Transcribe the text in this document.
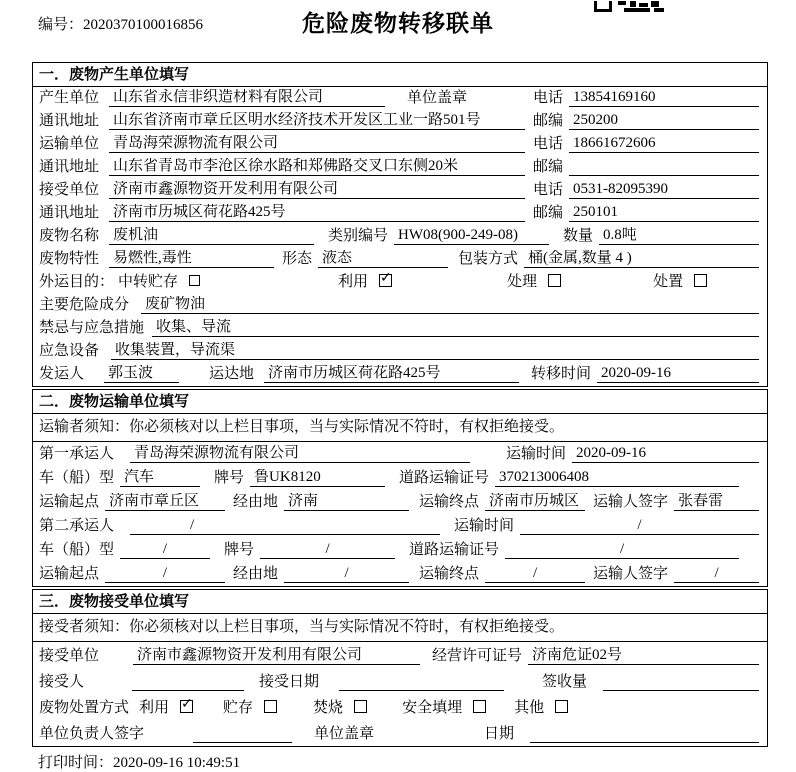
编号：2020370100016856	危险废物转移联单
一．废物产生单位填写
产生单位 山东省永信非织造材料有限公司	单位盖章	电话 13854169160
通讯地址 山东省济南市章丘区明水经济技术开发区工业一路501号	邮编 250200
运输单位 青岛海荣源物流有限公司	电话 18661672606
通讯地址 山东省青岛市李沧区徐水路和郑佛路交叉口东侧20米	邮编
接受单位 济南市鑫源物资开发利用有限公司	电话 0531-82095390
通讯地址 济南市历城区荷花路425号	邮编 250101
废物名称 废机油	类别编号 HW08(900-249-08)	数量 0.8吨
废物特性 易燃性,毒性	形态 液态	包装方式 桶(金属,数量 4 )
外运目的： 中转贮存	利用 ✓	处理	处置
主要危险成分 废矿物油
禁忌与应急措施 收集、导流
应急设备 收集装置，导流渠
发运人 郭玉波	运达地 济南市历城区荷花路425号	转移时间 2020-09-16
二．废物运输单位填写
运输者须知：你必须核对以上栏目事项，当与实际情况不符时，有权拒绝接受。
第一承运人 青岛海荣源物流有限公司	运输时间 2020-09-16
车（船）型 汽车	牌号 鲁UK8120	道路运输证号 370213006408
运输起点 济南市章丘区	经由地 济南	运输终点 济南市历城区 运输人签字 张春雷
第二承运人	/	运输时间	/
车（船）型	/	牌号	/	道路运输证号	/
运输起点	/	经由地	/	运输终点	/	运输人签字	/
三．废物接受单位填写
接受者须知：你必须核对以上栏目事项，当与实际情况不符时，有权拒绝接受。
接受单位	济南市鑫源物资开发利用有限公司	经营许可证号 济南危证02号
接受人	接受日期	签收量
废物处置方式 利用 ✓	贮存	焚烧	安全填埋	其他
单位负责人签字	单位盖章	日期
打印时间：2020-09-16 10:49:51
